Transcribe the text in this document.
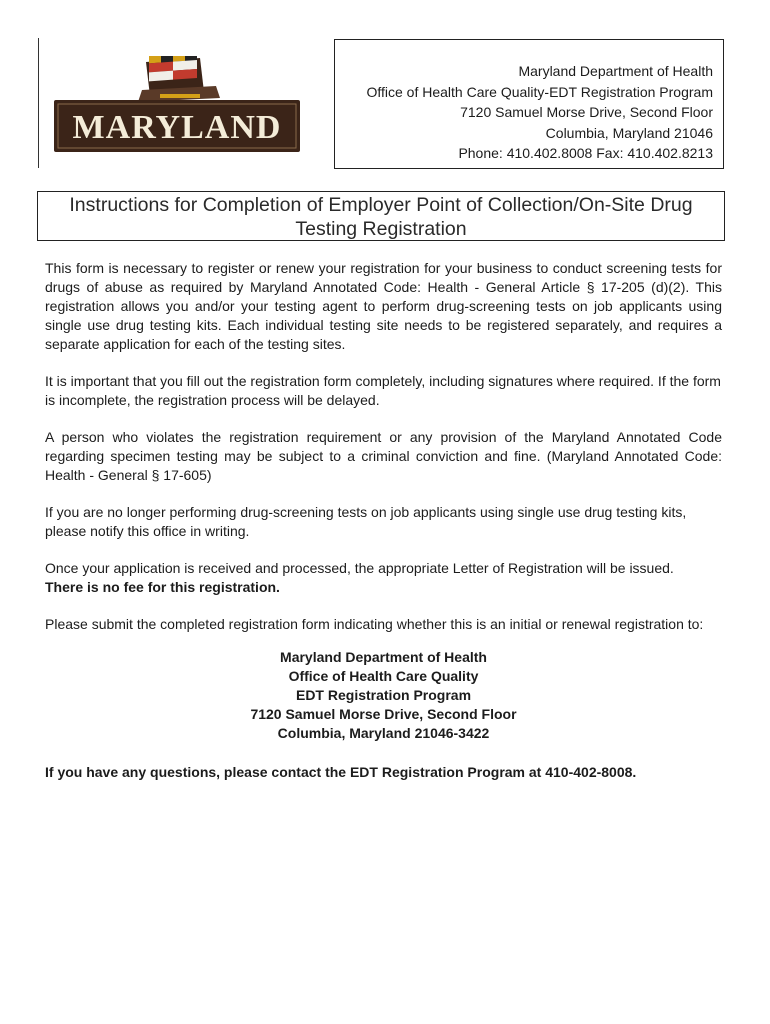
MARYLAND
Maryland Department of Health
Office of Health Care Quality-EDT Registration Program
7120 Samuel Morse Drive, Second Floor
Columbia, Maryland 21046
Phone: 410.402.8008 Fax: 410.402.8213
Instructions for Completion of Employer Point of Collection/On-Site Drug
Testing Registration

This form is necessary to register or renew your registration for your business to conduct screening tests for drugs of abuse as required by Maryland Annotated Code: Health - General Article § 17-205 (d)(2). This registration allows you and/or your testing agent to perform drug-screening tests on job applicants using single use drug testing kits. Each individual testing site needs to be registered separately, and requires a separate application for each of the testing sites.

It is important that you fill out the registration form completely, including signatures where required. If the form is incomplete, the registration process will be delayed.

A person who violates the registration requirement or any provision of the Maryland Annotated Code regarding specimen testing may be subject to a criminal conviction and fine. (Maryland Annotated Code: Health - General § 17-605)

If you are no longer performing drug-screening tests on job applicants using single use drug testing kits, please notify this office in writing.

Once your application is received and processed, the appropriate Letter of Registration will be issued.
There is no fee for this registration.

Please submit the completed registration form indicating whether this is an initial or renewal registration to:

Maryland Department of Health
Office of Health Care Quality
EDT Registration Program
7120 Samuel Morse Drive, Second Floor
Columbia, Maryland 21046-3422
If you have any questions, please contact the EDT Registration Program at 410-402-8008.
